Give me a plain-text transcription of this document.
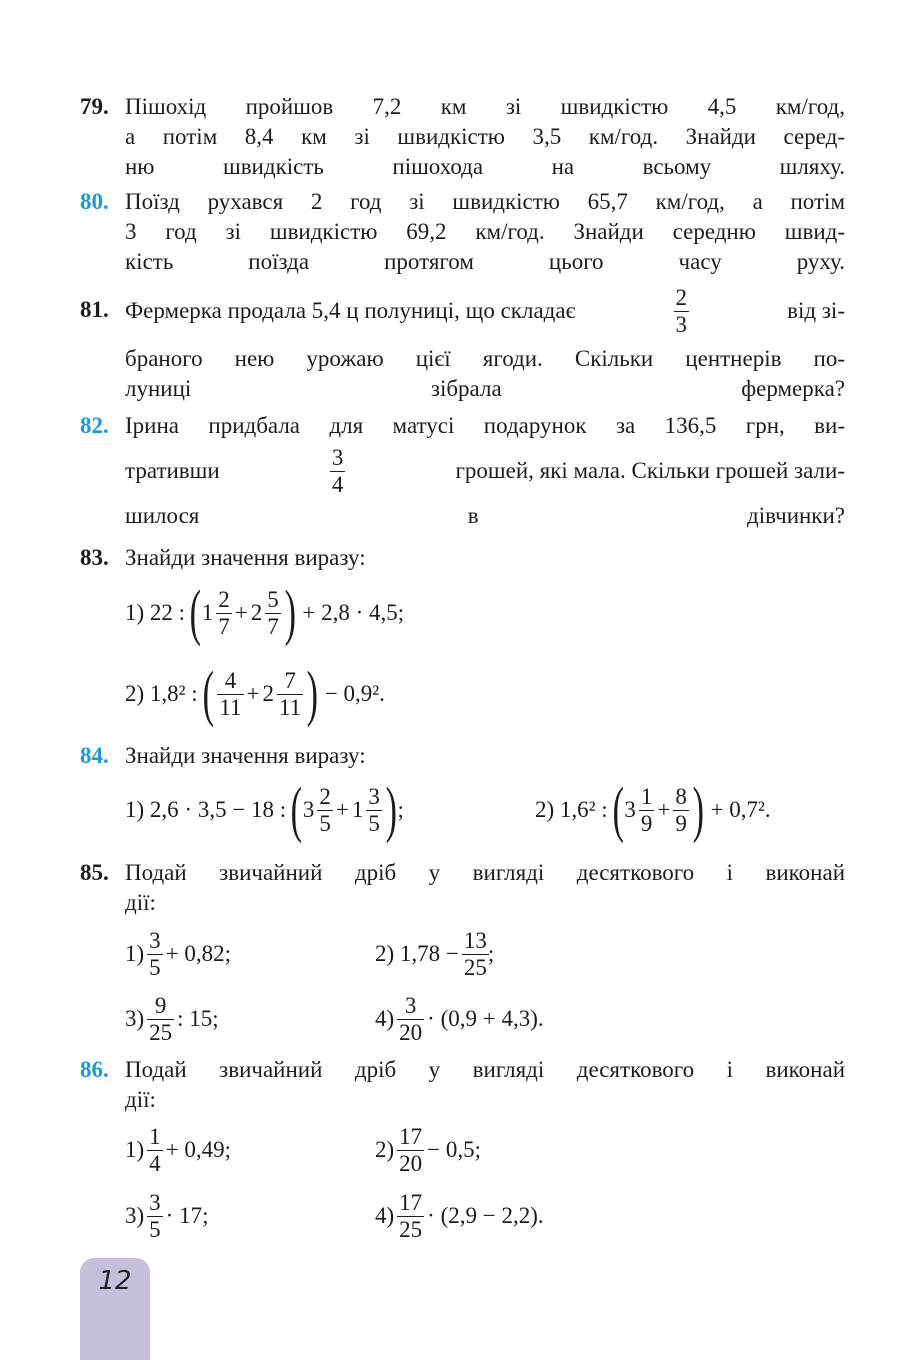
79. Пішохід пройшов 7,2 км зі швидкістю 4,5 км/год,
а потім 8,4 км зі швидкістю 3,5 км/год. Знайди серед-
ню швидкість пішохода на всьому шляху.
80. Поїзд рухався 2 год зі швидкістю 65,7 км/год, а потім
3 год зі швидкістю 69,2 км/год. Знайди середню швид-
кість поїзда протягом цього часу руху.
81. Фермерка продала 5,4 ц полуниці, що складає	$\frac{2}{3}$	від зі-
браного нею урожаю цієї ягоди. Скільки центнерів по-
луниці зібрала фермерка?
82. Ірина придбала для матусі подарунок за 136,5 грн, ви-
тративши	$\frac{3}{4}$	грошей, які мала. Скільки грошей зали-
шилося в дівчинки?
83. Знайди значення виразу:
1) 22 : ( $1 \frac{2}{7} + 2 \frac{5}{7}$ ) + 2,8 · 4,5;
2) 1,8² : ( $\frac{4}{11} + 2 \frac{7}{11}$ ) − 0,9².
84. Знайди значення виразу:
1) 2,6 · 3,5 − 18 : ( $3 \frac{2}{5} + 1 \frac{3}{5}$ ) ;	2) 1,6² : ( $3 \frac{1}{9} + \frac{8}{9}$ ) + 0,7².
85. Подай звичайний дріб у вигляді десяткового і виконай
дії:
$1) \frac{3}{5} + 0,82$;	2) $1,78 - \frac{13}{25}$ ;
$3) \frac{9}{25}$ : 15;	$4) \frac{3}{20} \cdot (0,9 + 4,3)$.
86. Подай звичайний дріб у вигляді десяткового і виконай
дії:
$1) \frac{1}{4} + 0,49$;	$2) \frac{17}{20} - 0,5$;
$3) \frac{3}{5} \cdot 17$;	$4) \frac{17}{25} \cdot (2,9 - 2,2)$.
12
